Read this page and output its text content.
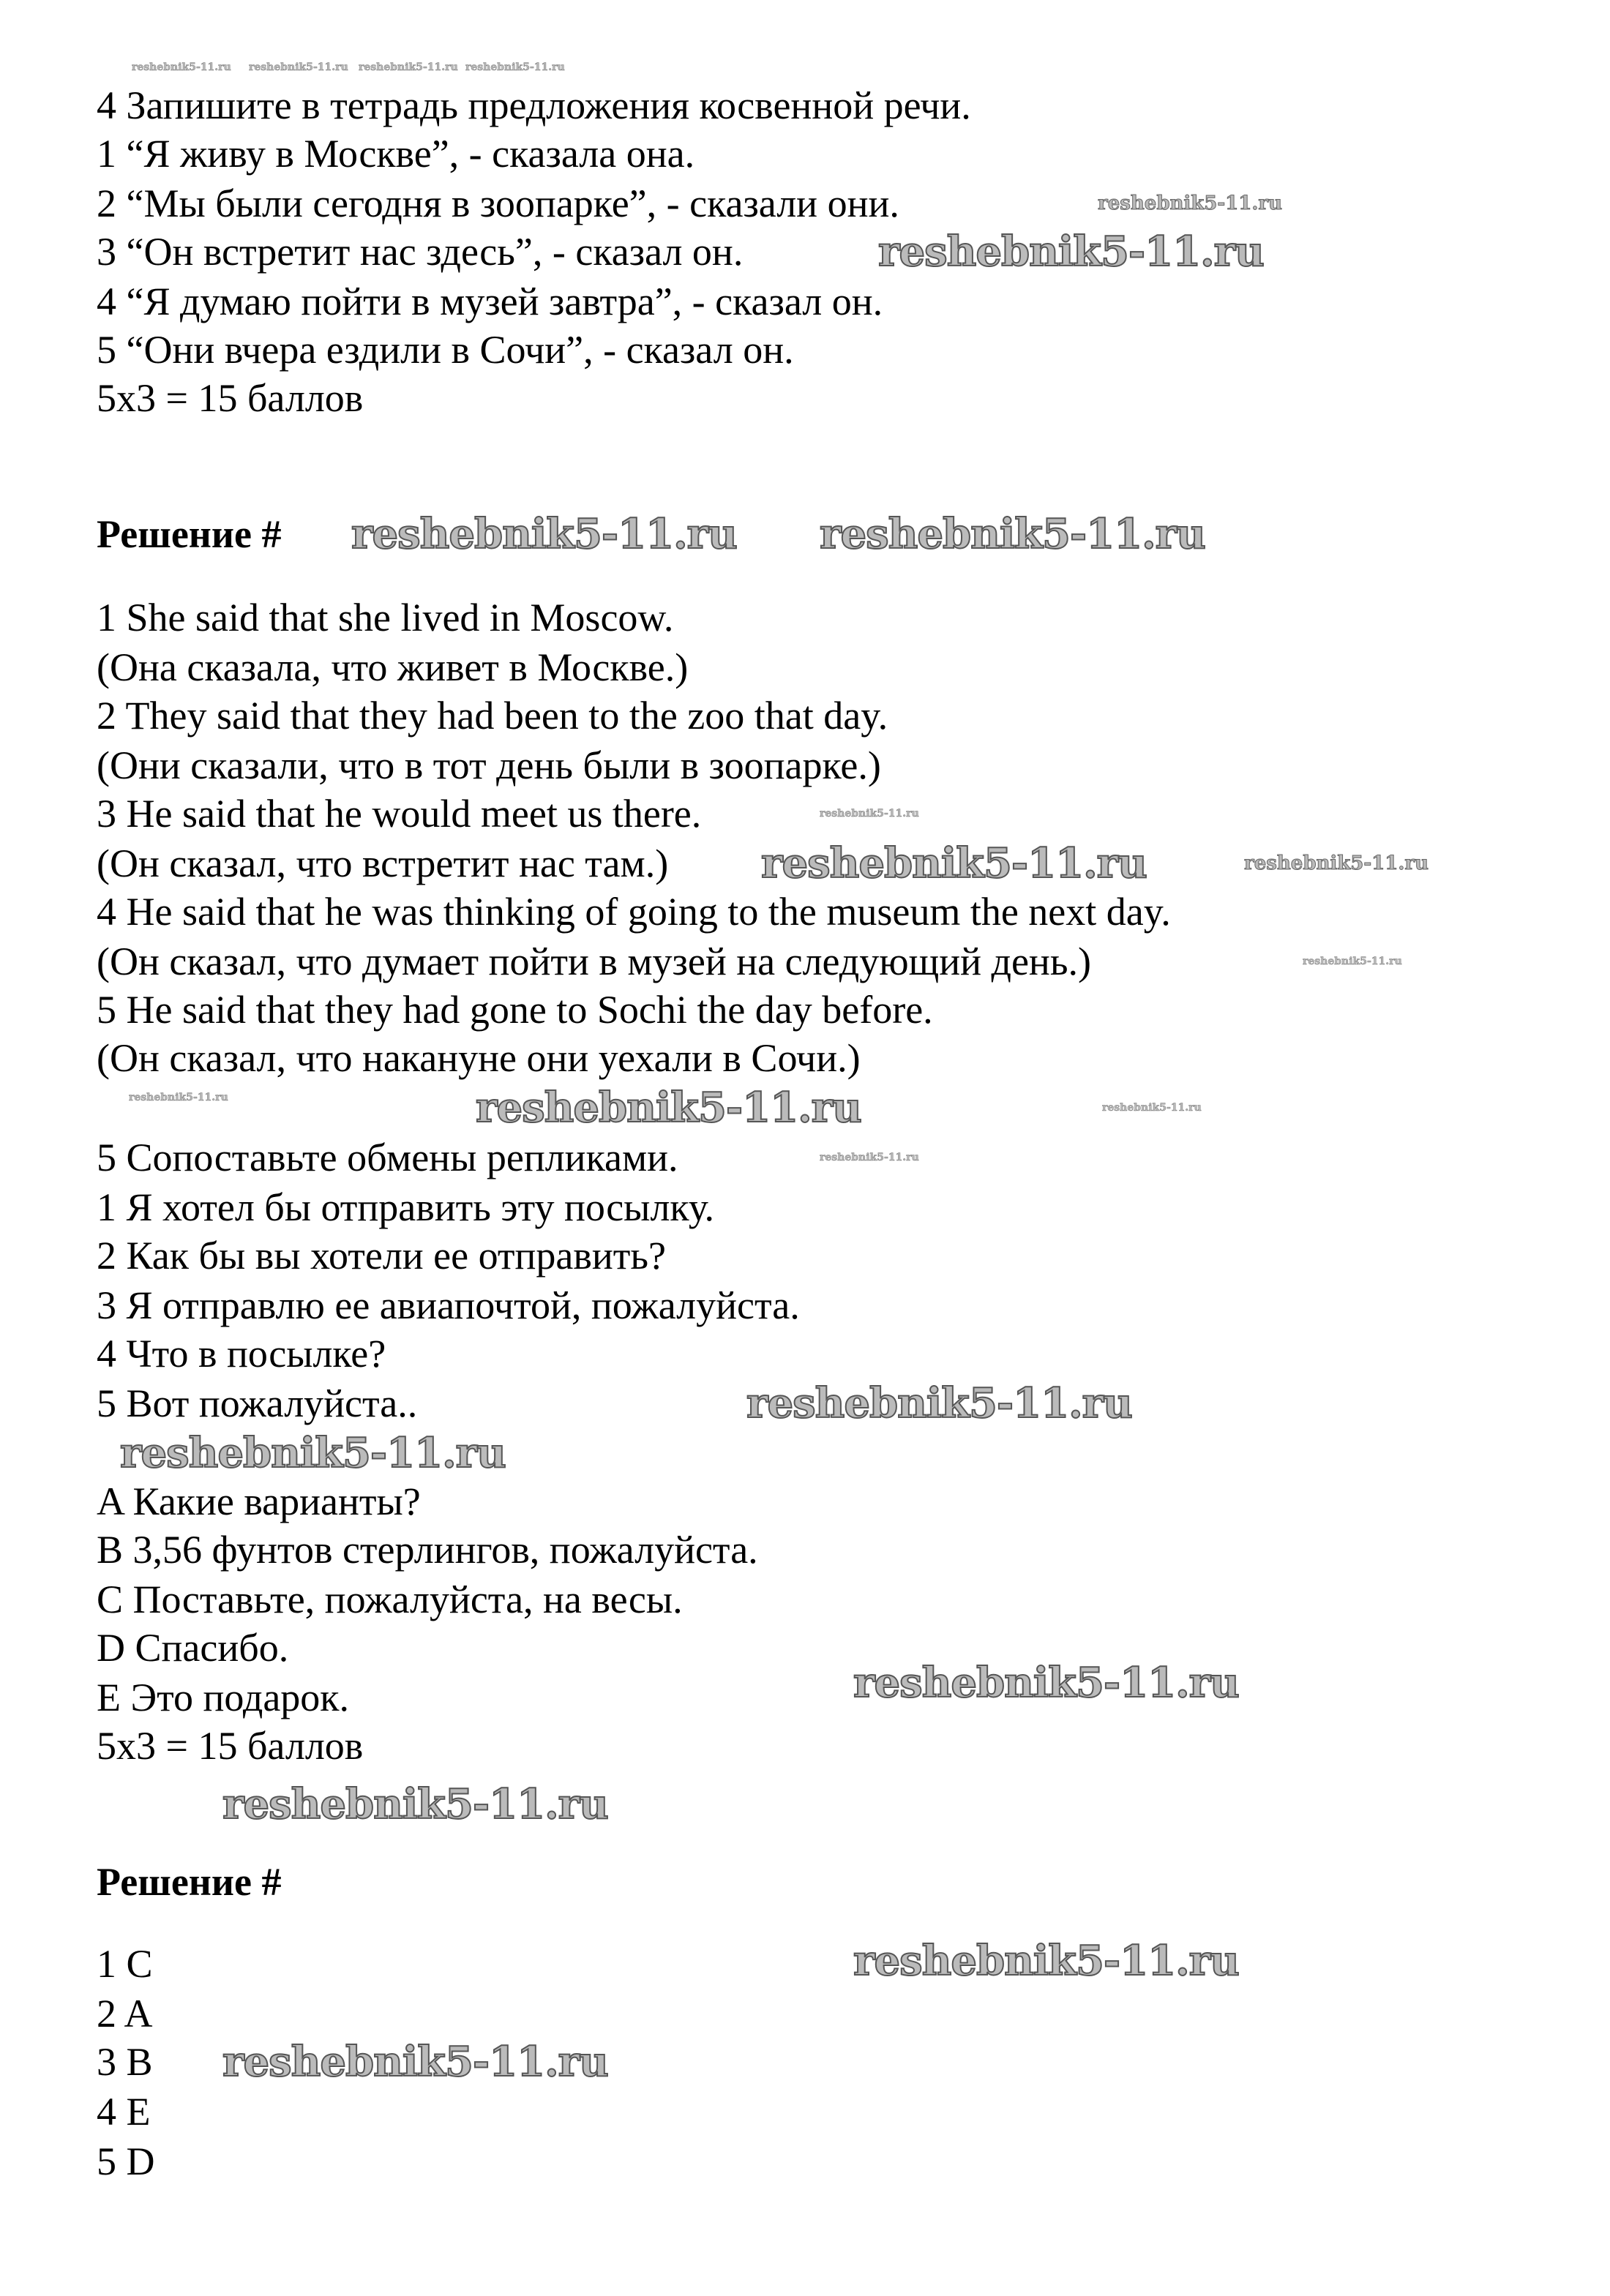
4 Запишите в тетрадь предложения косвенной речи.
1 “Я живу в Москве”, - сказала она.
2 “Мы были сегодня в зоопарке”, - сказали они.
3 “Он встретит нас здесь”, - сказал он.
4 “Я думаю пойти в музей завтра”, - сказал он.
5 “Они вчера ездили в Сочи”, - сказал он.
5x3 = 15 баллов
Решение #
1 She said that she lived in Moscow.
(Она сказала, что живет в Москве.)
2 They said that they had been to the zoo that day.
(Они сказали, что в тот день были в зоопарке.)
3 He said that he would meet us there.
(Он сказал, что встретит нас там.)
4 He said that he was thinking of going to the museum the next day.
(Он сказал, что думает пойти в музей на следующий день.)
5 He said that they had gone to Sochi the day before.
(Он сказал, что накануне они уехали в Сочи.)
5 Сопоставьте обмены репликами.
1 Я хотел бы отправить эту посылку.
2 Как бы вы хотели ее отправить?
3 Я отправлю ее авиапочтой, пожалуйста.
4 Что в посылке?
5 Вот пожалуйста..
A Какие варианты?
B 3,56 фунтов стерлингов, пожалуйста.
C Поставьте, пожалуйста, на весы.
D Спасибо.
E Это подарок.
5x3 = 15 баллов
Решение #
1 C
2 A
3 B
4 E
5 D
reshebnik5-11.ru
reshebnik5-11.ru reshebnik5-11.ru
reshebnik5-11.ru
reshebnik5-11.ru
reshebnik5-11.ru
reshebnik5-11.ru
reshebnik5-11.ru
reshebnik5-11.ru
reshebnik5-11.ru
reshebnik5-11.ru
reshebnik5-11.ru
reshebnik5-11.ru
reshebnik5-11.ru reshebnik5-11.ru reshebnik5-11.ru reshebnik5-11.ru
reshebnik5-11.ru
reshebnik5-11.ru
reshebnik5-11.ru
reshebnik5-11.ru
reshebnik5-11.ru
